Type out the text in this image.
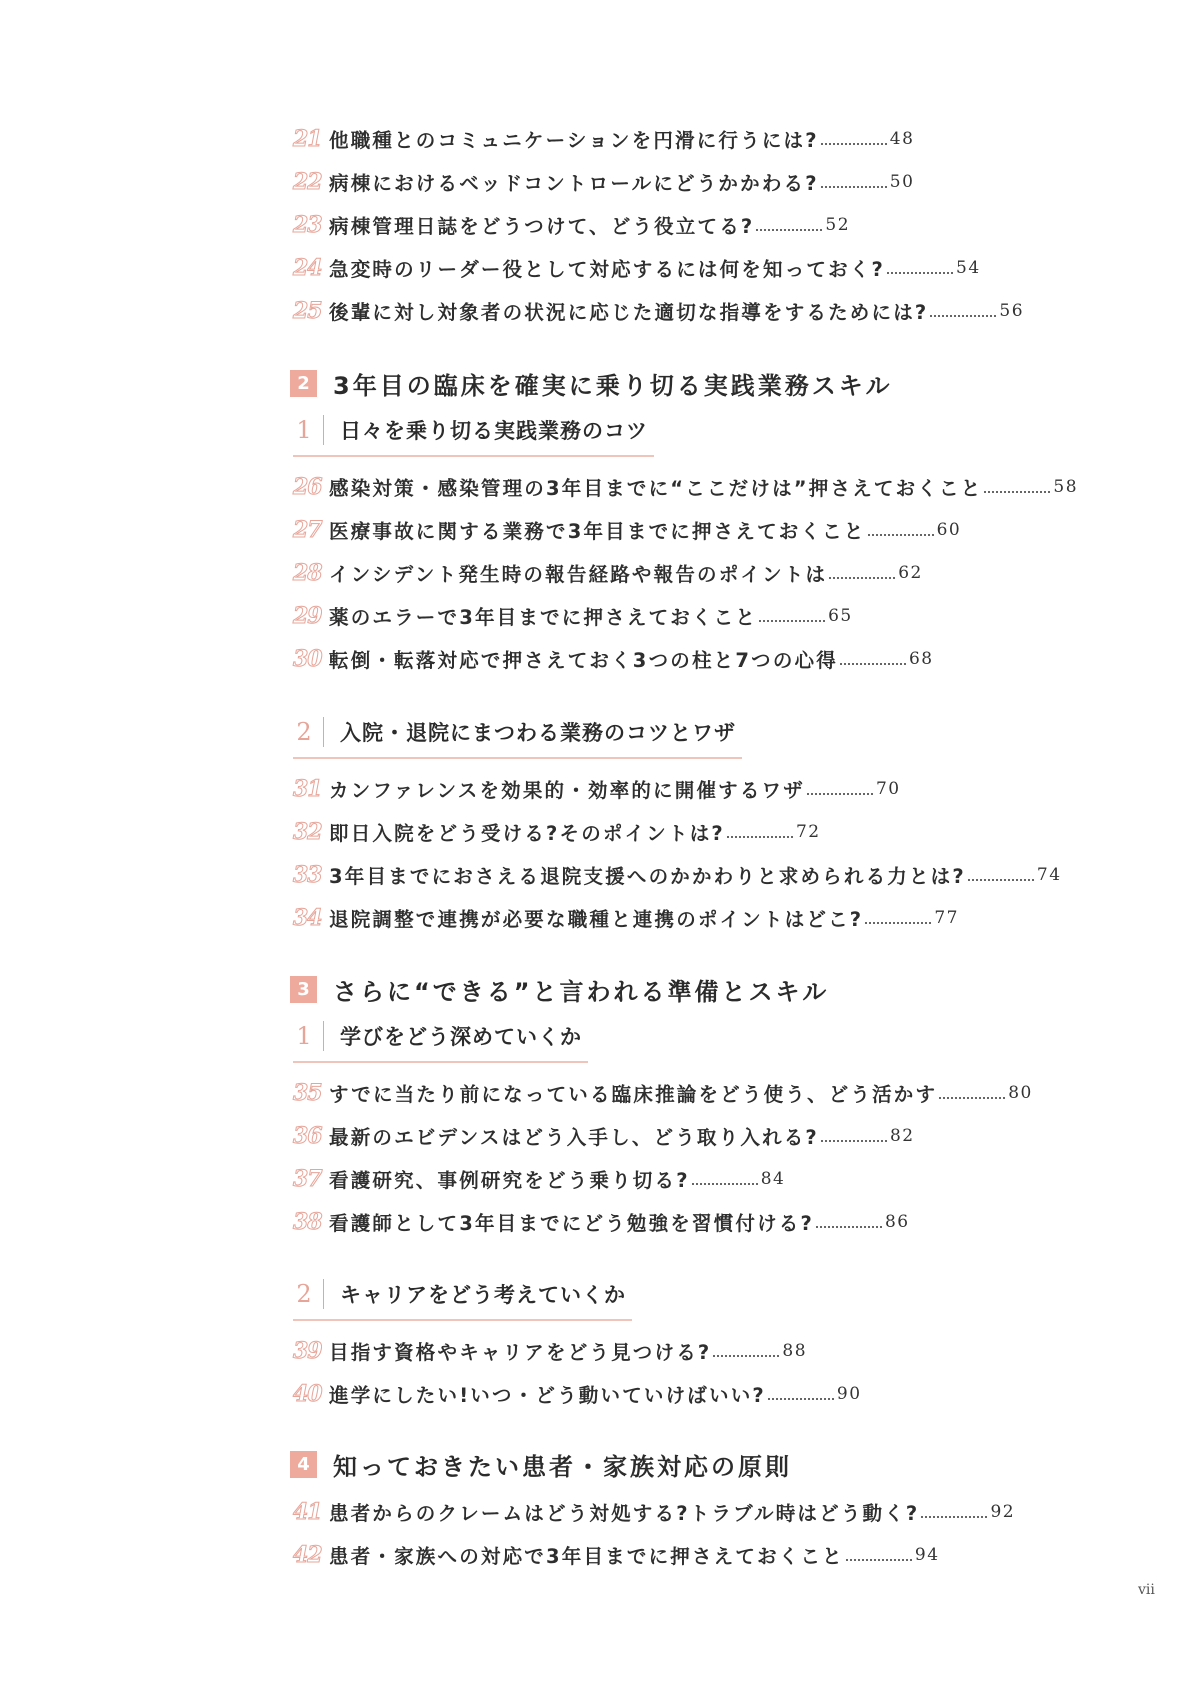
21 他職種とのコミュニケーションを円滑に行うには?	48
22 病棟におけるベッドコントロールにどうかかわる?	50
23 病棟管理日誌をどうつけて、どう役立てる?	52
24 急変時のリーダー役として対応するには何を知っておく?	54
25 後輩に対し対象者の状況に応じた適切な指導をするためには?	56
2 3年目の臨床を確実に乗り切る実践業務スキル
1 日々を乗り切る実践業務のコツ
26 感染対策・感染管理の3年目までに“ここだけは”押さえておくこと	58
27 医療事故に関する業務で3年目までに押さえておくこと	60
28 インシデント発生時の報告経路や報告のポイントは	62
29 薬のエラーで3年目までに押さえておくこと	65
30 転倒・転落対応で押さえておく3つの柱と7つの心得	68
2 入院・退院にまつわる業務のコツとワザ
31 カンファレンスを効果的・効率的に開催するワザ	70
32 即日入院をどう受ける?そのポイントは?	72
33 3年目までにおさえる退院支援へのかかわりと求められる力とは?	74
34 退院調整で連携が必要な職種と連携のポイントはどこ?	77
3 さらに“できる”と言われる準備とスキル
1 学びをどう深めていくか
35 すでに当たり前になっている臨床推論をどう使う、どう活かす	80
36 最新のエビデンスはどう入手し、どう取り入れる?	82
37 看護研究、事例研究をどう乗り切る?	84
38 看護師として3年目までにどう勉強を習慣付ける?	86
2 キャリアをどう考えていくか
39 目指す資格やキャリアをどう見つける?	88
40 進学にしたい!いつ・どう動いていけばいい?	90
4 知っておきたい患者・家族対応の原則
41 患者からのクレームはどう対処する?トラブル時はどう動く?	92
42 患者・家族への対応で3年目までに押さえておくこと	94
vii
